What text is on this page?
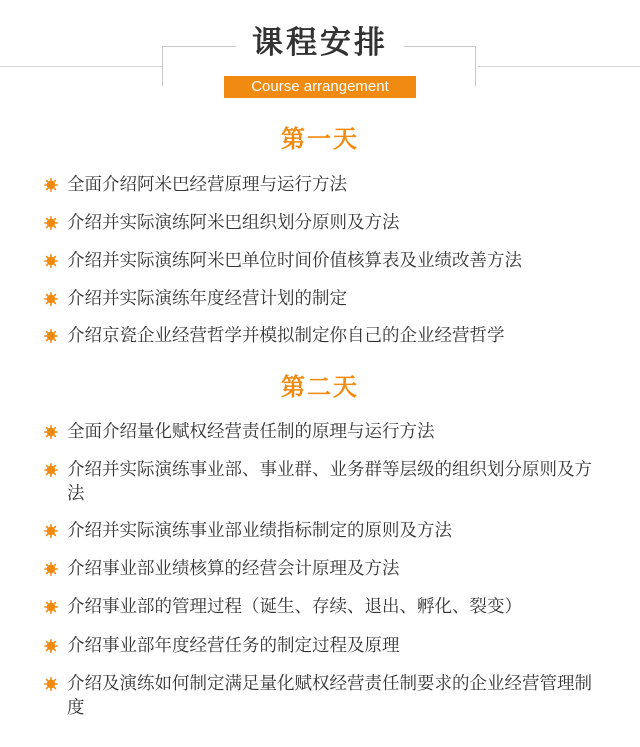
课程安排
Course arrangement
第一天
全面介绍阿米巴经营原理与运行方法
介绍并实际演练阿米巴组织划分原则及方法
介绍并实际演练阿米巴单位时间价值核算表及业绩改善方法
介绍并实际演练年度经营计划的制定
介绍京瓷企业经营哲学并模拟制定你自己的企业经营哲学
第二天
全面介绍量化赋权经营责任制的原理与运行方法
介绍并实际演练事业部、事业群、业务群等层级的组织划分原则及方法
介绍并实际演练事业部业绩指标制定的原则及方法
介绍事业部业绩核算的经营会计原理及方法
介绍事业部的管理过程（诞生、存续、退出、孵化、裂变）
介绍事业部年度经营任务的制定过程及原理
介绍及演练如何制定满足量化赋权经营责任制要求的企业经营管理制度
